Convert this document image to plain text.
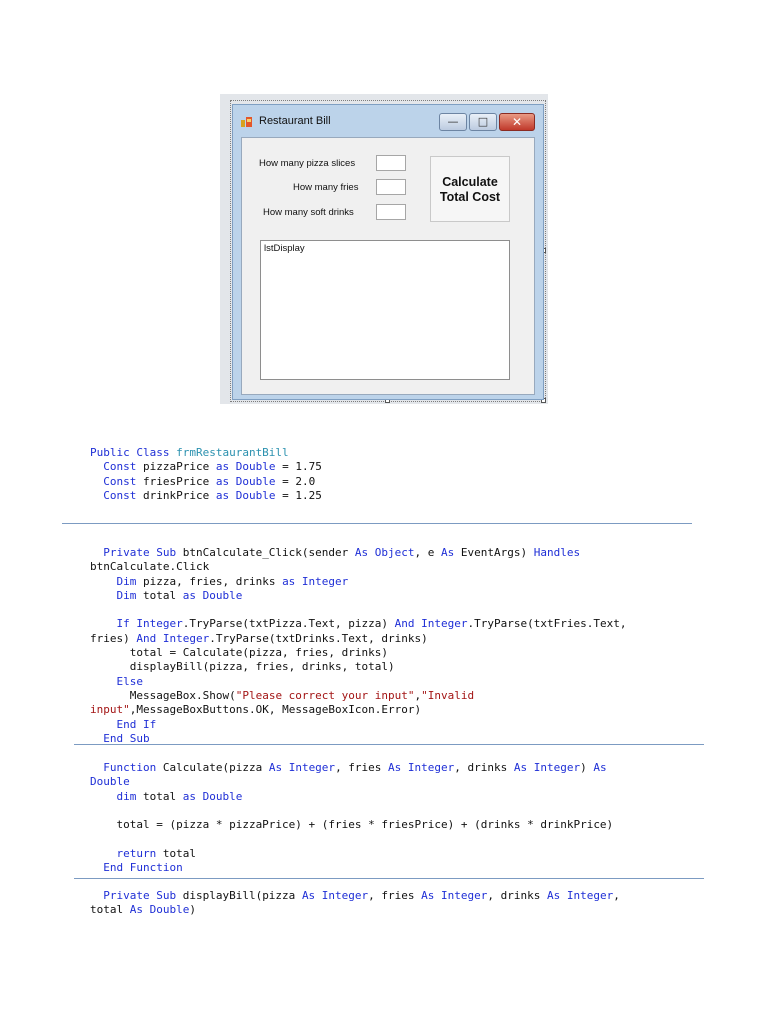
Restaurant Bill	—	□	✕
How many pizza slices
How many fries
How many soft drinks
Calculate
Total Cost
lstDisplay
Public Class frmRestaurantBill
Const pizzaPrice as Double = 1.75
Const friesPrice as Double = 2.0
Const drinkPrice as Double = 1.25
Private Sub btnCalculate_Click(sender As Object, e As EventArgs) Handles
btnCalculate.Click
Dim pizza, fries, drinks as Integer
Dim total as Double

If Integer.TryParse(txtPizza.Text, pizza) And Integer.TryParse(txtFries.Text,
fries) And Integer.TryParse(txtDrinks.Text, drinks)
total = Calculate(pizza, fries, drinks)
displayBill(pizza, fries, drinks, total)
Else
MessageBox.Show("Please correct your input","Invalid
input",MessageBoxButtons.OK, MessageBoxIcon.Error)
End If
End Sub
Function Calculate(pizza As Integer, fries As Integer, drinks As Integer) As
Double
dim total as Double

total = (pizza * pizzaPrice) + (fries * friesPrice) + (drinks * drinkPrice)

return total
End Function
Private Sub displayBill(pizza As Integer, fries As Integer, drinks As Integer,
total As Double)
